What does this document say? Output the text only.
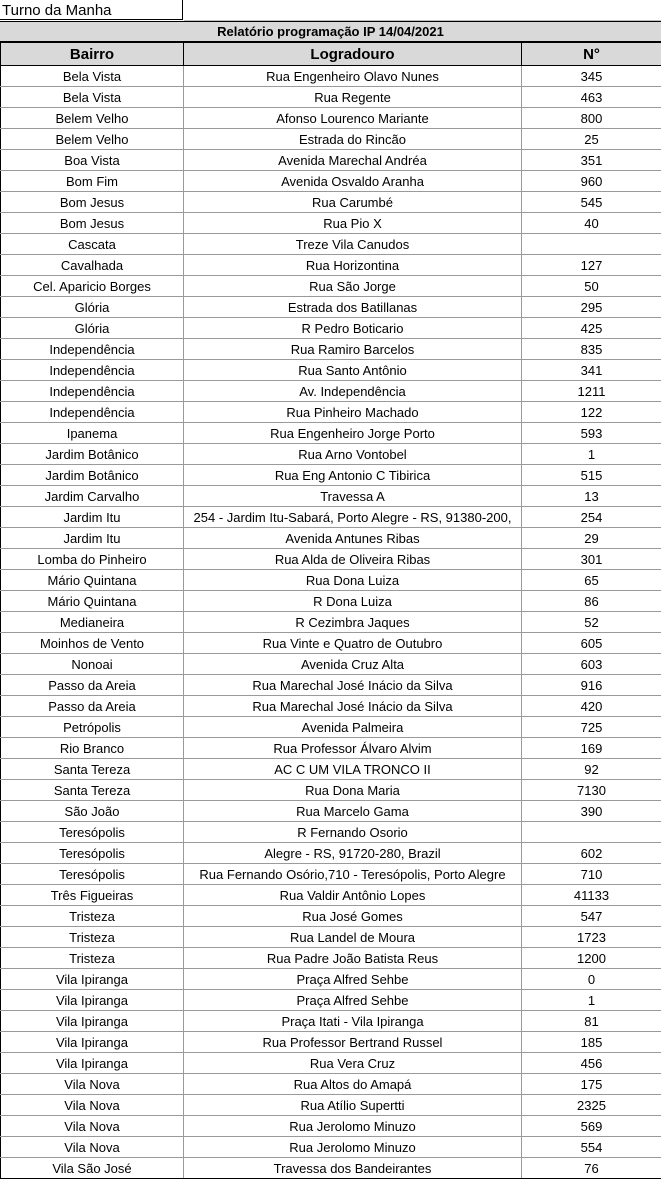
Turno da Manha
Relatório programação IP 14/04/2021
Bairro	Logradouro	N°
Bela Vista	Rua Engenheiro Olavo Nunes	345
Bela Vista	Rua Regente	463
Belem Velho	Afonso Lourenco Mariante	800
Belem Velho	Estrada do Rincão	25
Boa Vista	Avenida Marechal Andréa	351
Bom Fim	Avenida Osvaldo Aranha	960
Bom Jesus	Rua Carumbé	545
Bom Jesus	Rua Pio X	40
Cascata	Treze Vila Canudos	
Cavalhada	Rua Horizontina	127
Cel. Aparicio Borges	Rua São Jorge	50
Glória	Estrada dos Batillanas	295
Glória	R Pedro Boticario	425
Independência	Rua Ramiro Barcelos	835
Independência	Rua Santo Antônio	341
Independência	Av. Independência	1211
Independência	Rua Pinheiro Machado	122
Ipanema	Rua Engenheiro Jorge Porto	593
Jardim Botânico	Rua Arno Vontobel	1
Jardim Botânico	Rua Eng Antonio C Tibirica	515
Jardim Carvalho	Travessa A	13
Jardim Itu	254 - Jardim Itu-Sabará, Porto Alegre - RS, 91380-200,	254
Jardim Itu	Avenida Antunes Ribas	29
Lomba do Pinheiro	Rua Alda de Oliveira Ribas	301
Mário Quintana	Rua Dona Luiza	65
Mário Quintana	R Dona Luiza	86
Medianeira	R Cezimbra Jaques	52
Moinhos de Vento	Rua Vinte e Quatro de Outubro	605
Nonoai	Avenida Cruz Alta	603
Passo da Areia	Rua Marechal José Inácio da Silva	916
Passo da Areia	Rua Marechal José Inácio da Silva	420
Petrópolis	Avenida Palmeira	725
Rio Branco	Rua Professor Álvaro Alvim	169
Santa Tereza	AC C UM VILA TRONCO II	92
Santa Tereza	Rua Dona Maria	7130
São João	Rua Marcelo Gama	390
Teresópolis	R Fernando Osorio	
Teresópolis	Alegre - RS, 91720-280, Brazil	602
Teresópolis	Rua Fernando Osório,710 - Teresópolis, Porto Alegre	710
Três Figueiras	Rua Valdir Antônio Lopes	41133
Tristeza	Rua José Gomes	547
Tristeza	Rua Landel de Moura	1723
Tristeza	Rua Padre João Batista Reus	1200
Vila Ipiranga	Praça Alfred Sehbe	0
Vila Ipiranga	Praça Alfred Sehbe	1
Vila Ipiranga	Praça Itati - Vila Ipiranga	81
Vila Ipiranga	Rua Professor Bertrand Russel	185
Vila Ipiranga	Rua Vera Cruz	456
Vila Nova	Rua Altos do Amapá	175
Vila Nova	Rua Atílio Supertti	2325
Vila Nova	Rua Jerolomo Minuzo	569
Vila Nova	Rua Jerolomo Minuzo	554
Vila São José	Travessa dos Bandeirantes	76
